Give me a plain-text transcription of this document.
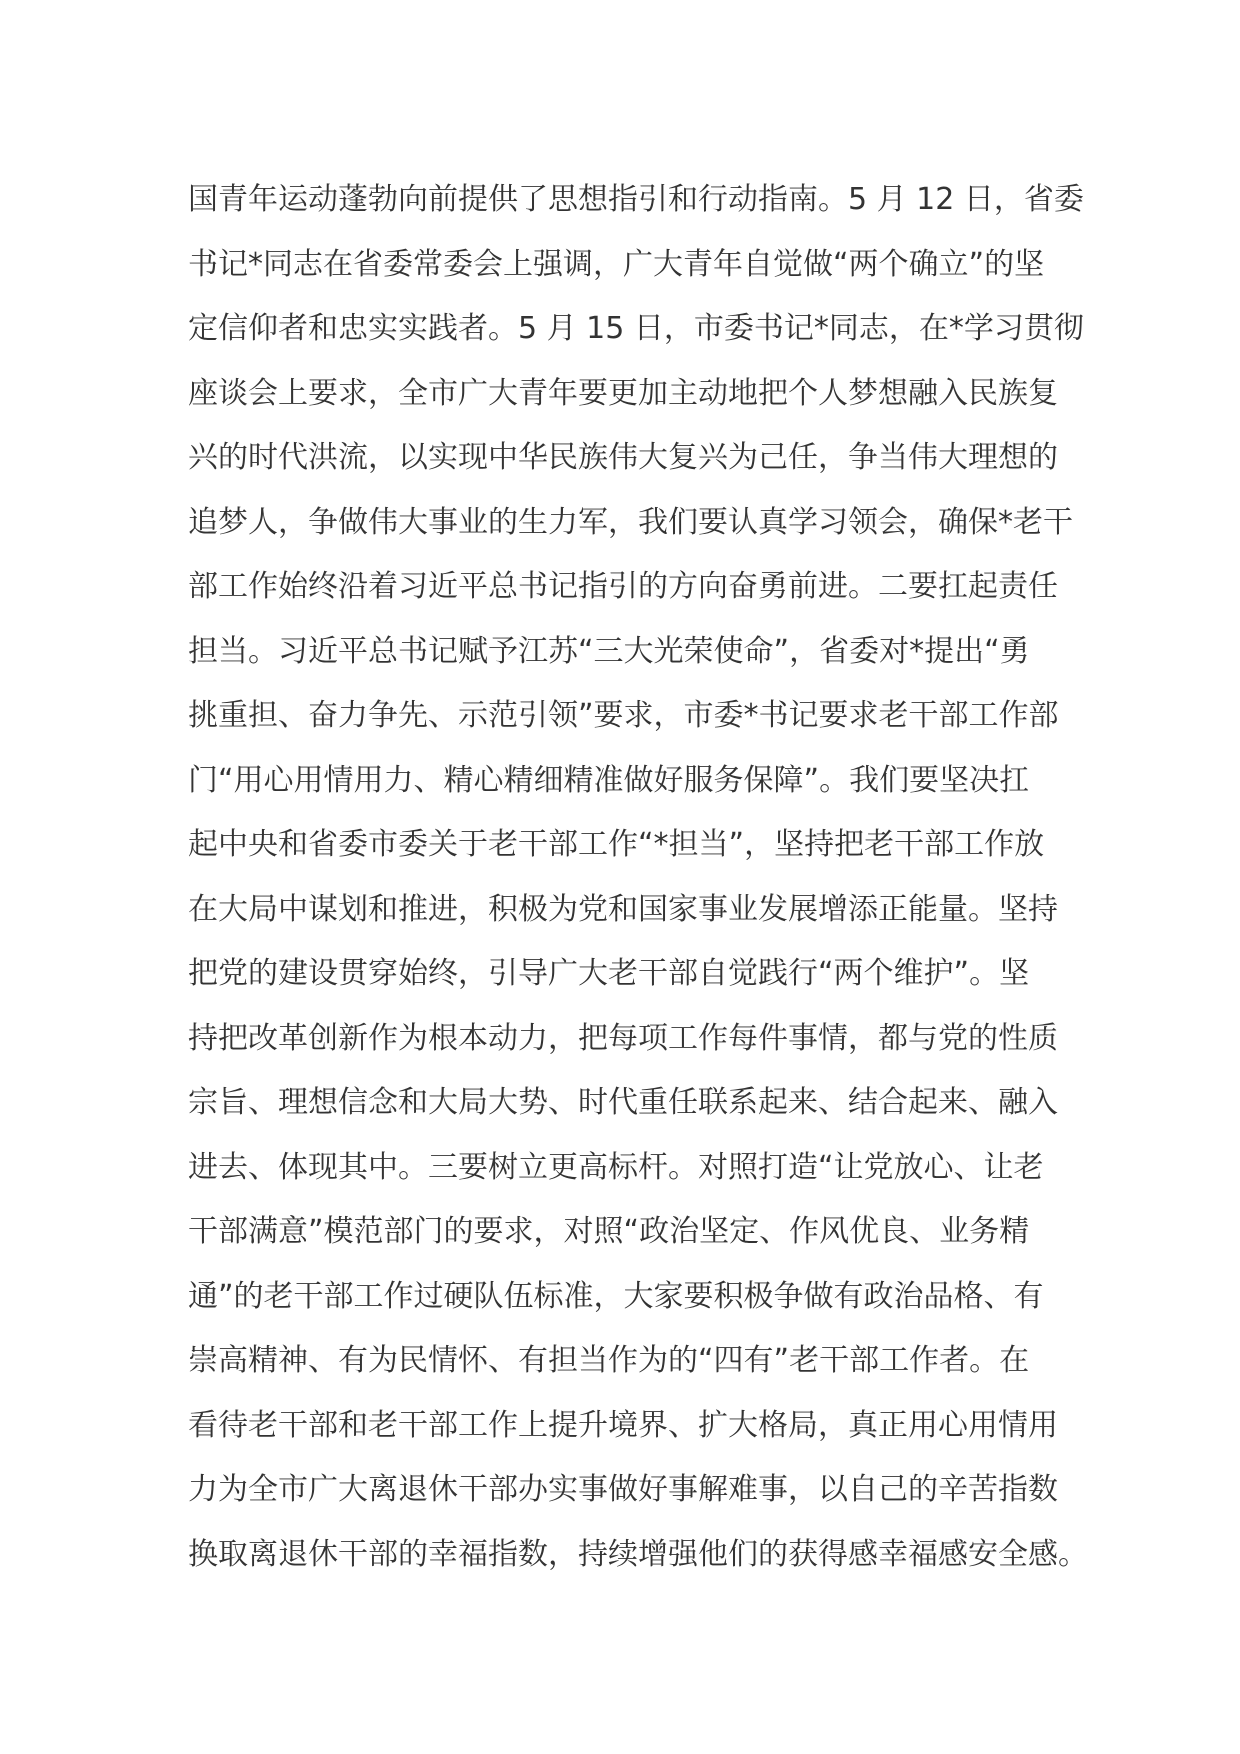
国青年运动蓬勃向前提供了思想指引和行动指南。5 月 12 日，省委
书记*同志在省委常委会上强调，广大青年自觉做“两个确立”的坚
定信仰者和忠实实践者。5 月 15 日，市委书记*同志，在*学习贯彻
座谈会上要求，全市广大青年要更加主动地把个人梦想融入民族复
兴的时代洪流，以实现中华民族伟大复兴为己任，争当伟大理想的
追梦人，争做伟大事业的生力军，我们要认真学习领会，确保*老干
部工作始终沿着习近平总书记指引的方向奋勇前进。二要扛起责任
担当。习近平总书记赋予江苏“三大光荣使命”，省委对*提出“勇
挑重担、奋力争先、示范引领”要求，市委*书记要求老干部工作部
门“用心用情用力、精心精细精准做好服务保障”。我们要坚决扛
起中央和省委市委关于老干部工作“*担当”，坚持把老干部工作放
在大局中谋划和推进，积极为党和国家事业发展增添正能量。坚持
把党的建设贯穿始终，引导广大老干部自觉践行“两个维护”。坚
持把改革创新作为根本动力，把每项工作每件事情，都与党的性质
宗旨、理想信念和大局大势、时代重任联系起来、结合起来、融入
进去、体现其中。三要树立更高标杆。对照打造“让党放心、让老
干部满意”模范部门的要求，对照“政治坚定、作风优良、业务精
通”的老干部工作过硬队伍标准，大家要积极争做有政治品格、有
崇高精神、有为民情怀、有担当作为的“四有”老干部工作者。在
看待老干部和老干部工作上提升境界、扩大格局，真正用心用情用
力为全市广大离退休干部办实事做好事解难事，以自己的辛苦指数
换取离退休干部的幸福指数，持续增强他们的获得感幸福感安全感。
